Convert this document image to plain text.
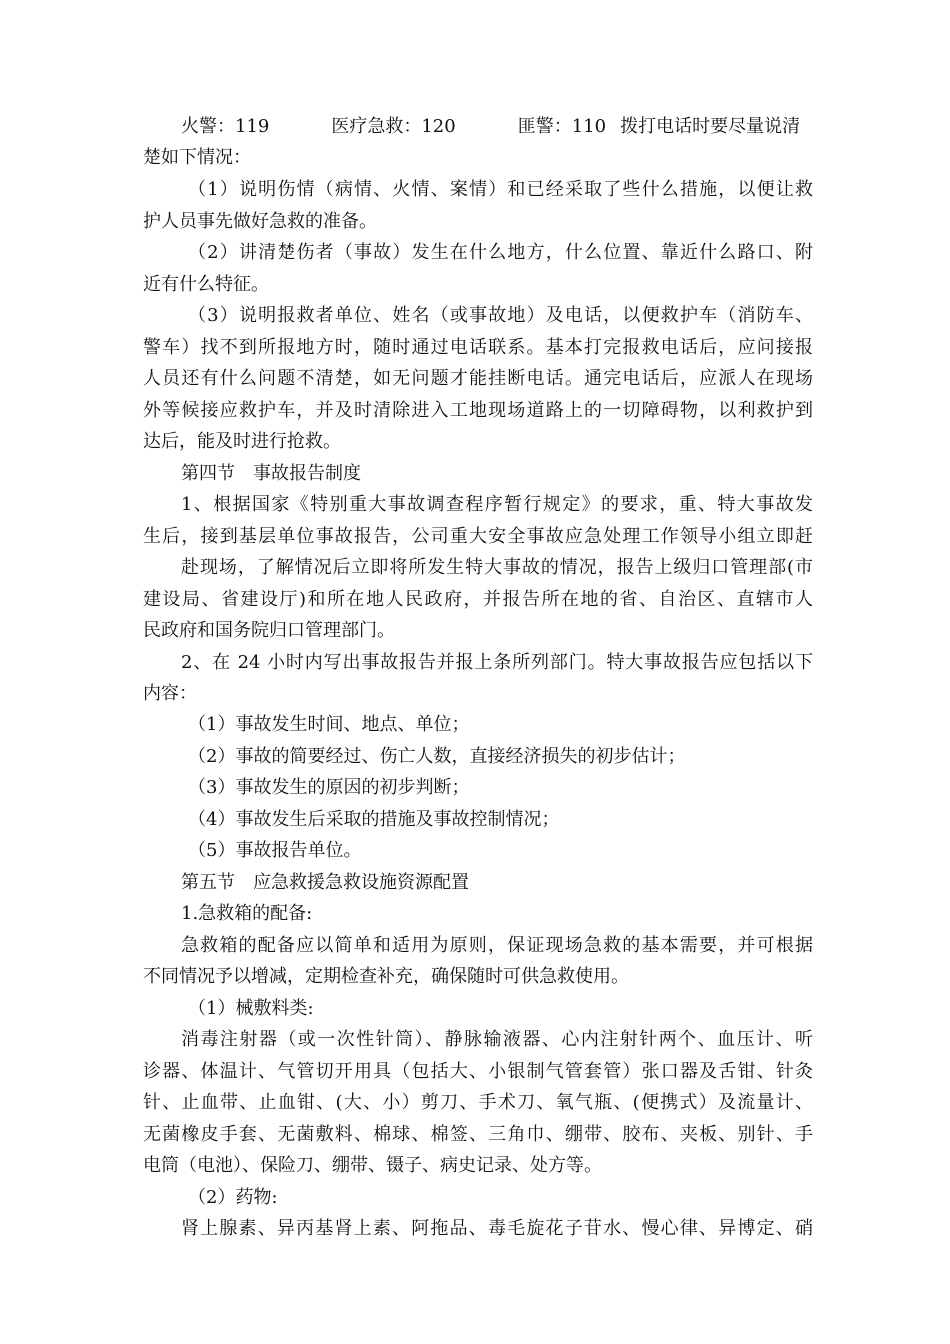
火警：119	医疗急救：120	匪警：110 拨打电话时要尽量说清
楚如下情况：
（1）说明伤情（病情、火情、案情）和已经采取了些什么措施，以便让救
护人员事先做好急救的准备。
（2）讲清楚伤者（事故）发生在什么地方，什么位置、靠近什么路口、附
近有什么特征。
（3）说明报救者单位、姓名（或事故地）及电话，以便救护车（消防车、
警车）找不到所报地方时，随时通过电话联系。基本打完报救电话后，应问接报
人员还有什么问题不清楚，如无问题才能挂断电话。通完电话后，应派人在现场
外等候接应救护车，并及时清除进入工地现场道路上的一切障碍物，以利救护到
达后，能及时进行抢救。
第四节　事故报告制度
1、根据国家《特别重大事故调查程序暂行规定》的要求，重、特大事故发
生后，接到基层单位事故报告，公司重大安全事故应急处理工作领导小组立即赶
赴现场，了解情况后立即将所发生特大事故的情况，报告上级归口管理部(市
建设局、省建设厅)和所在地人民政府，并报告所在地的省、自治区、直辖市人
民政府和国务院归口管理部门。
2、在 24 小时内写出事故报告并报上条所列部门。特大事故报告应包括以下
内容：
（1）事故发生时间、地点、单位；
（2）事故的简要经过、伤亡人数，直接经济损失的初步估计；
（3）事故发生的原因的初步判断；
（4）事故发生后采取的措施及事故控制情况；
（5）事故报告单位。
第五节　应急救援急救设施资源配置
1.急救箱的配备:
急救箱的配备应以简单和适用为原则，保证现场急救的基本需要，并可根据
不同情况予以增减，定期检查补充，确保随时可供急救使用。
（1）械敷料类:
消毒注射器（或一次性针筒）、静脉输液器、心内注射针两个、血压计、听
诊器、体温计、气管切开用具（包括大、小银制气管套管）张口器及舌钳、针灸
针、止血带、止血钳、(大、小）剪刀、手术刀、氧气瓶、(便携式）及流量计、
无菌橡皮手套、无菌敷料、棉球、棉签、三角巾、绷带、胶布、夹板、别针、手
电筒（电池）、保险刀、绷带、镊子、病史记录、处方等。
（2）药物:
肾上腺素、异丙基肾上素、阿拖品、毒毛旋花子苷水、慢心律、异博定、硝
